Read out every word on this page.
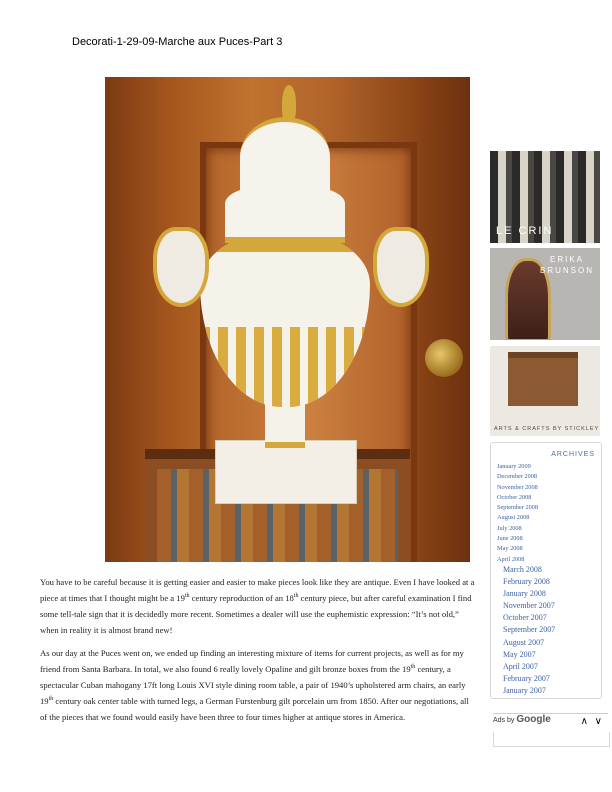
Decorati-1-29-09-Marche aux Puces-Part 3

You have to be careful because it is getting easier and easier to make pieces look like they are antique. Even I have looked at a piece at times that I thought might be a 19th century reproduction of an 18th century piece, but after careful examination I find some tell-tale sign that it is decidedly more recent. Sometimes a dealer will use the euphemistic expression: “It’s not old,” when in reality it is almost brand new!

As our day at the Puces went on, we ended up finding an interesting mixture of items for current projects, as well as for my friend from Santa Barbara. In total, we also found 6 really lovely Opaline and gilt bronze boxes from the 19th century, a spectacular Cuban mahogany 17ft long Louis XVI style dining room table, a pair of 1940’s upholstered arm chairs, an early 19th century oak center table with turned legs, a German Furstenburg gilt porcelain urn from 1850. After our negotiations, all of the pieces that we found would easily have been three to four times higher at antique stores in America.

LE CRIN
ERIKA
BRUNSON
ARTS & CRAFTS BY STICKLEY
ARCHIVES
January 2009
December 2008
November 2008
October 2008
September 2008
August 2008
July 2008
June 2008
May 2008
April 2008
March 2008
February 2008
January 2008
November 2007
October 2007
September 2007
August 2007
May 2007
April 2007
February 2007
January 2007
Ads by Google	∧ ∨
